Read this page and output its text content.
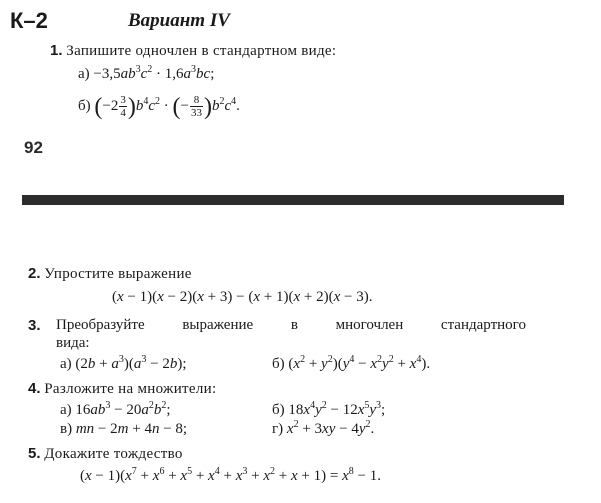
К–2	Вариант IV
1. Запишите одночлен в стандартном виде:
$а) -3,5ab^3c^2 \cdot 1,6a^3bc$;
б) $(-2 \frac{3}{4} )b^4c^2$ · (− $\frac{8}{33} )b^2c^4$.
92
2. Упростите выражение
(x − 1)(x − 2)(x + 3) − (x + 1)(x + 2)(x − 3).
3. Преобразуйте	выражение	в	многочлен	стандартного
вида:
а) $(2b + a^3)(a^3 - 2b)$;	б) $(x^2 + y^2)(y^4 - x^2y^2 + x^4)$.
4. Разложите на множители:
а) $16ab^3 - 20a^2b^2$;	б) $18x^4y^2 - 12x^5y^3$;
в) mn − 2m + 4n − 8;	г) $x^2 + 3xy - 4y^2$.
5. Докажите тождество
$(x - 1)(x^7 + x^6 + x^5 + x^4 + x^3 + x^2 + x + 1) = x^8 - 1$.
